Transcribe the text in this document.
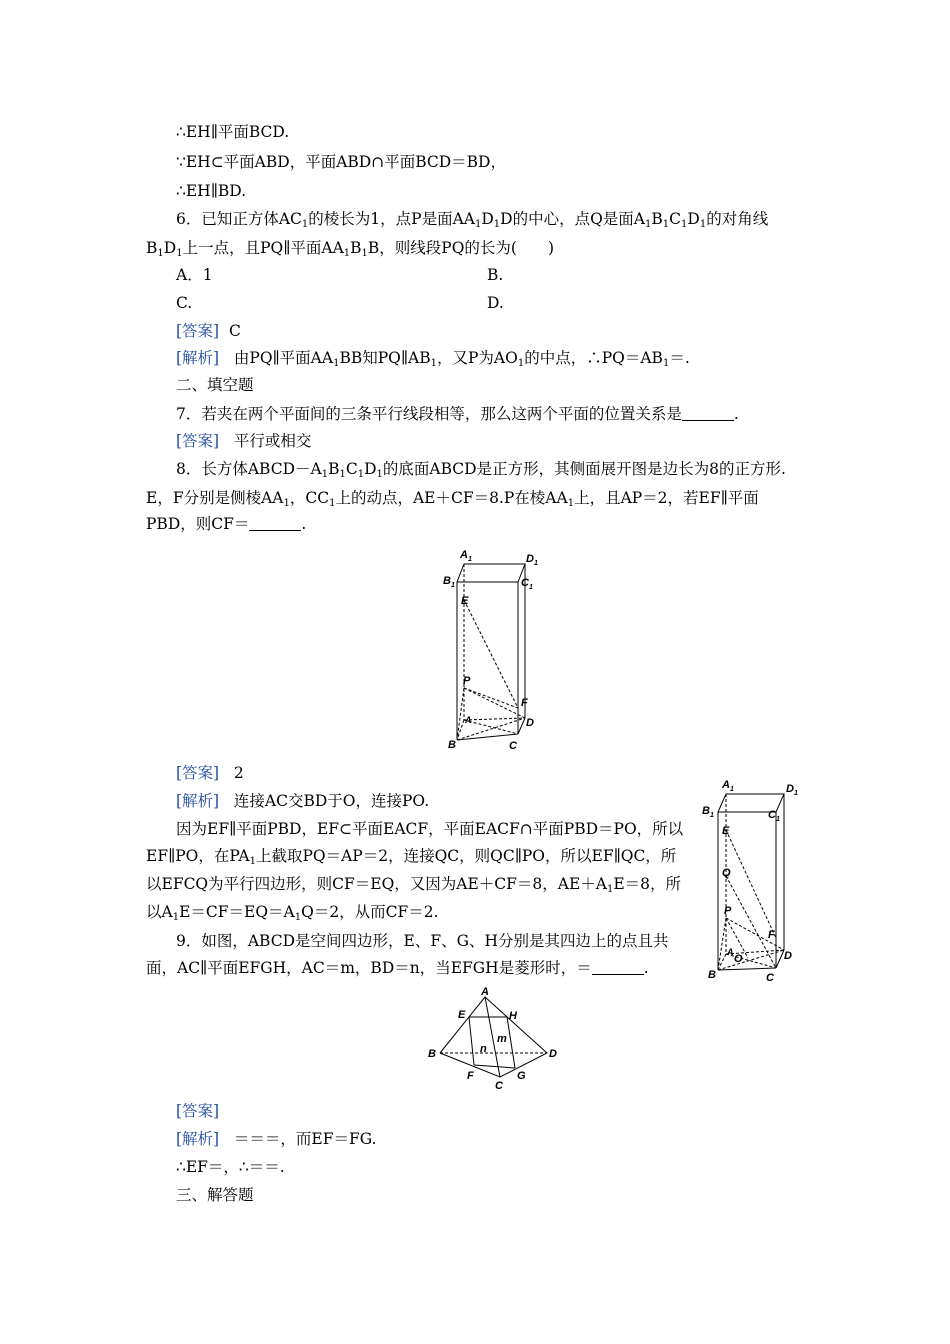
∴EH∥平面BCD.
∵EH⊂平面ABD，平面ABD∩平面BCD＝BD，
∴EH∥BD.
6．已知正方体$AC_1$的棱长为1，点P是面$AA_1D_1D$的中心，点Q是面$A_1B_1C_1D_1$的对角线
$B_1D_1$上一点，且PQ∥平面$AA_1B_1B$，则线段PQ的长为(　　)
A．1	B.
C.	D.
[答案] C
[解析] 由PQ∥平面$AA_1BB$知$PQ\parallel AB_1$，又P为$AO_1$的中点，$\therefore PQ=AB_1=$.
二、填空题
7．若夹在两个平面间的三条平行线段相等，那么这两个平面的位置关系是	.
[答案] 平行或相交
8．长方体$ABCD-A_1B_1C_1D_1$的底面ABCD是正方形，其侧面展开图是边长为8的正方形.
E，F分别是侧棱$AA_1$，$CC_1$上的动点，AE＋CF＝8.P在棱$AA_1$上，且AP＝2，若EF∥平面
PBD，则CF＝	.
$A_1$	$D_1$
$B_1$	$C_1$
E
P
F
A	D
B	C
[答案] 2
[解析] 连接AC交BD于O，连接PO.
因为EF∥平面PBD，EF⊂平面EACF，平面EACF∩平面PBD＝PO，所以
EF∥PO，在$PA_1$上截取PQ＝AP＝2，连接QC，则QC∥PO，所以EF∥QC，所
以EFCQ为平行四边形，则CF＝EQ，又因为AE＋CF＝8，$AE+A_1E=8$，所
以$A_1E=CF=EQ=A_1Q=2$，从而CF＝2.
$A_1$	$D_1$
$B_1$	$C_1$
E
Q
P
F
A
O	D
B	C
9．如图，ABCD是空间四边形，E、F、G、H分别是其四边上的点且共
面，AC∥平面EFGH，AC＝m，BD＝n，当EFGH是菱形时，＝	.
A
E	H
m
n
B	D
F	G
C
[答案]
[解析] ＝＝＝，而EF＝FG.
∴EF＝，∴＝＝.
三、解答题
